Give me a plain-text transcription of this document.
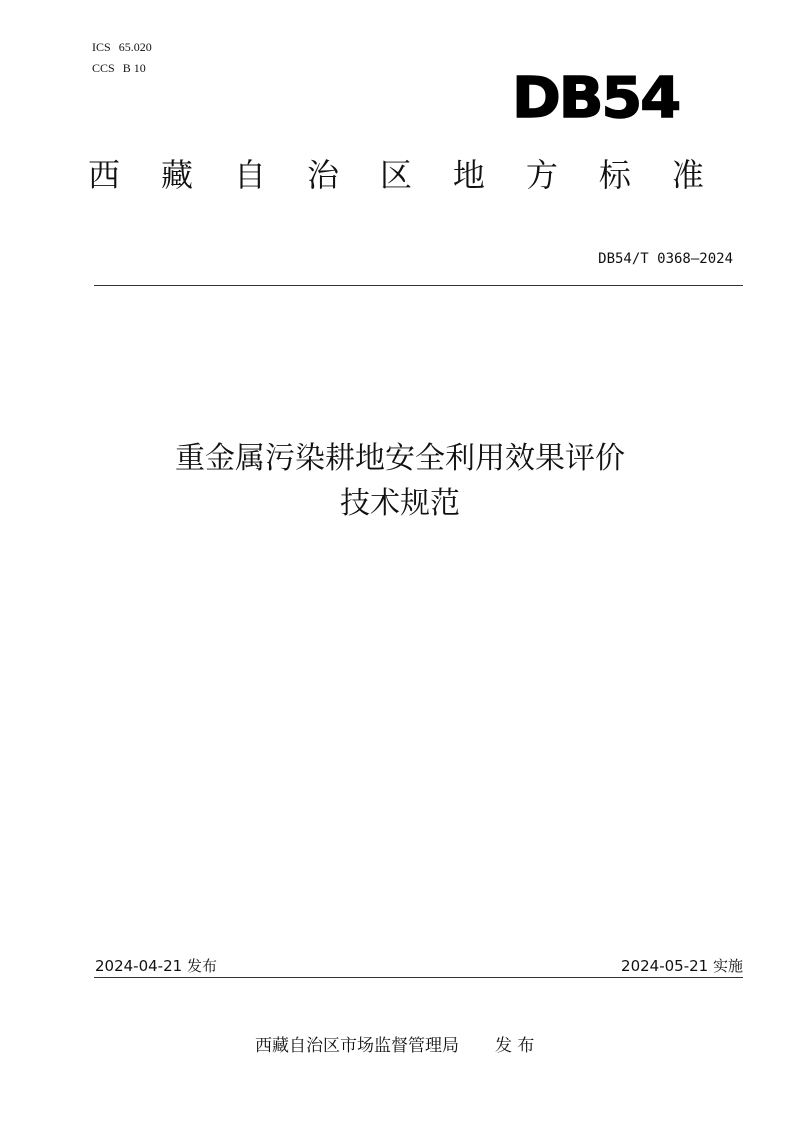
ICS 65.020
CCS B 10	DB54
西 藏 自 治 区 地 方 标 准
DB54/T 0368—2024
重金属污染耕地安全利用效果评价
技术规范
2024-04-21 发布	2024-05-21 实施
西藏自治区市场监督管理局 发 布
